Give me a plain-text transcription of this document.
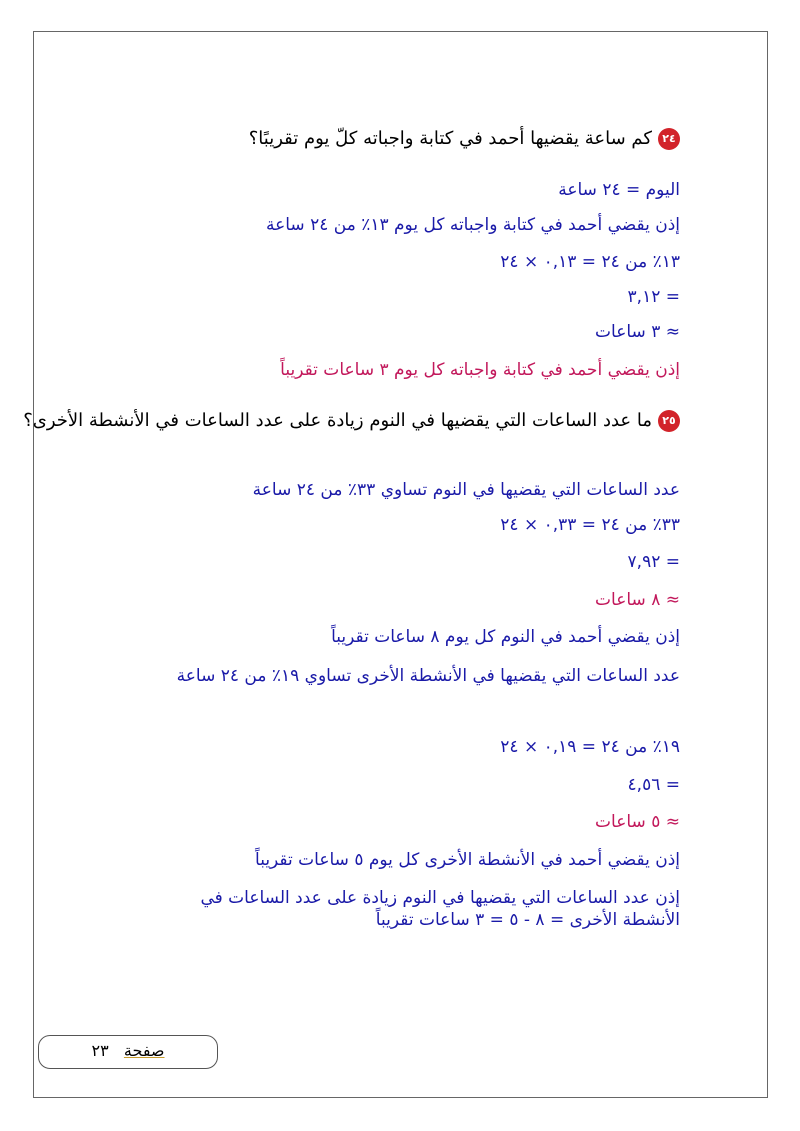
٢٤كم ساعة يقضيها أحمد في كتابة واجباته كلّ يوم تقريبًا؟
اليوم = ٢٤ ساعة
إذن يقضي أحمد في كتابة واجباته كل يوم ١٣٪ من ٢٤ ساعة
١٣٪ من ٢٤ = ٠,١٣ × ٢٤
= ٣,١٢
≈ ٣ ساعات
إذن يقضي أحمد في كتابة واجباته كل يوم ٣ ساعات تقريباً
٢٥ما عدد الساعات التي يقضيها في النوم زيادة على عدد الساعات في الأنشطة الأخرى؟
عدد الساعات التي يقضيها في النوم تساوي ٣٣٪ من ٢٤ ساعة
٣٣٪ من ٢٤ = ٠,٣٣ × ٢٤
= ٧,٩٢
≈ ٨ ساعات
إذن يقضي أحمد في النوم كل يوم ٨ ساعات تقريباً
عدد الساعات التي يقضيها في الأنشطة الأخرى تساوي ١٩٪ من ٢٤ ساعة
١٩٪ من ٢٤ = ٠,١٩ × ٢٤
= ٤,٥٦
≈ ٥ ساعات
إذن يقضي أحمد في الأنشطة الأخرى كل يوم ٥ ساعات تقريباً
إذن عدد الساعات التي يقضيها في النوم زيادة على عدد الساعات في الأنشطة الأخرى = ٨ - ٥ = ٣ ساعات تقريباً
صفحة   ٢٣
